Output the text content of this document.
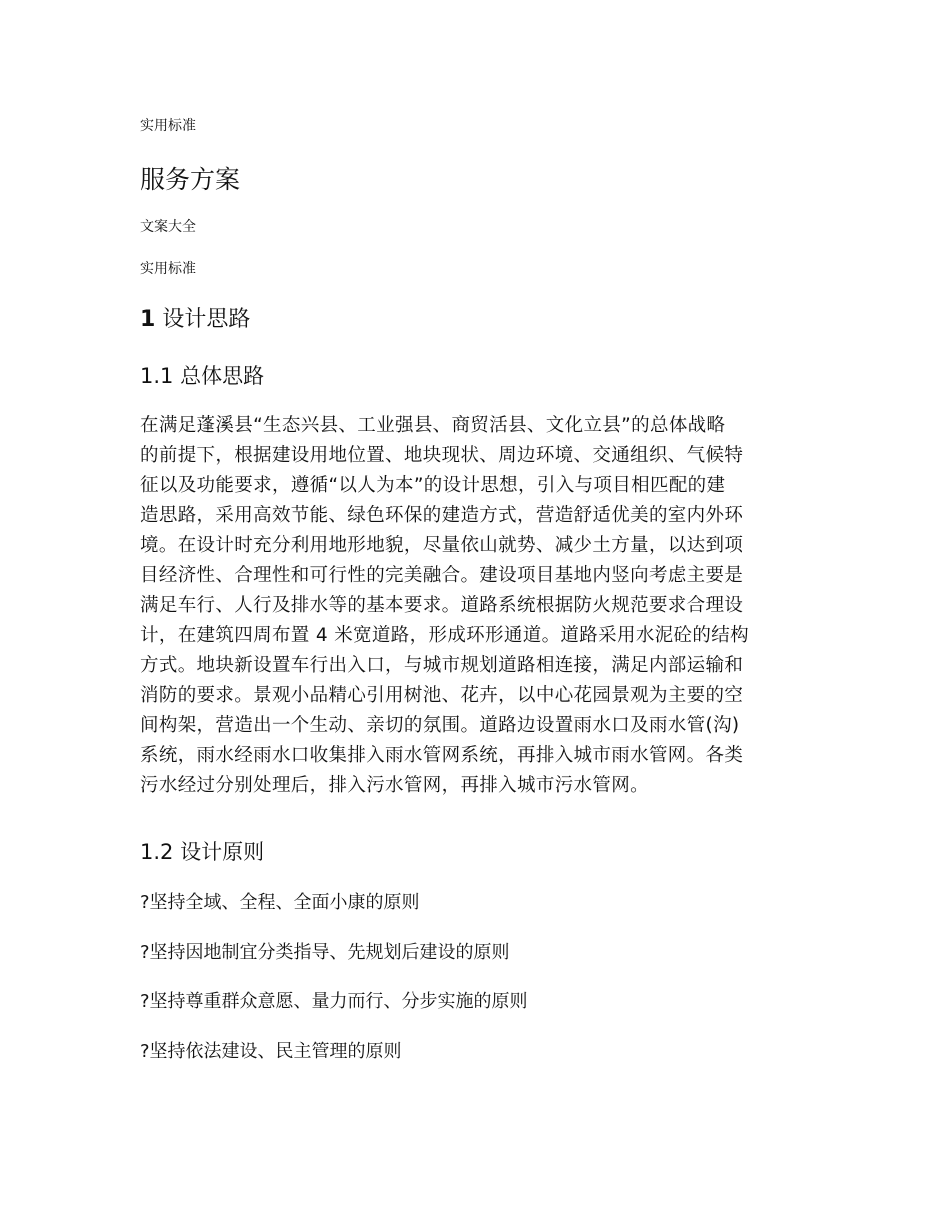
实用标准
服务方案
文案大全
实用标准
1 设计思路
1.1 总体思路
在满足蓬溪县“生态兴县、工业强县、商贸活县、文化立县”的总体战略
的前提下，根据建设用地位置、地块现状、周边环境、交通组织、气候特
征以及功能要求，遵循“以人为本”的设计思想，引入与项目相匹配的建
造思路，采用高效节能、绿色环保的建造方式，营造舒适优美的室内外环
境。在设计时充分利用地形地貌，尽量依山就势、减少土方量，以达到项
目经济性、合理性和可行性的完美融合。建设项目基地内竖向考虑主要是
满足车行、人行及排水等的基本要求。道路系统根据防火规范要求合理设
计，在建筑四周布置 4 米宽道路，形成环形通道。道路采用水泥砼的结构
方式。地块新设置车行出入口，与城市规划道路相连接，满足内部运输和
消防的要求。景观小品精心引用树池、花卉，以中心花园景观为主要的空
间构架，营造出一个生动、亲切的氛围。道路边设置雨水口及雨水管(沟)
系统，雨水经雨水口收集排入雨水管网系统，再排入城市雨水管网。各类
污水经过分别处理后，排入污水管网，再排入城市污水管网。
1.2 设计原则
?坚持全域、全程、全面小康的原则
?坚持因地制宜分类指导、先规划后建设的原则
?坚持尊重群众意愿、量力而行、分步实施的原则
?坚持依法建设、民主管理的原则
